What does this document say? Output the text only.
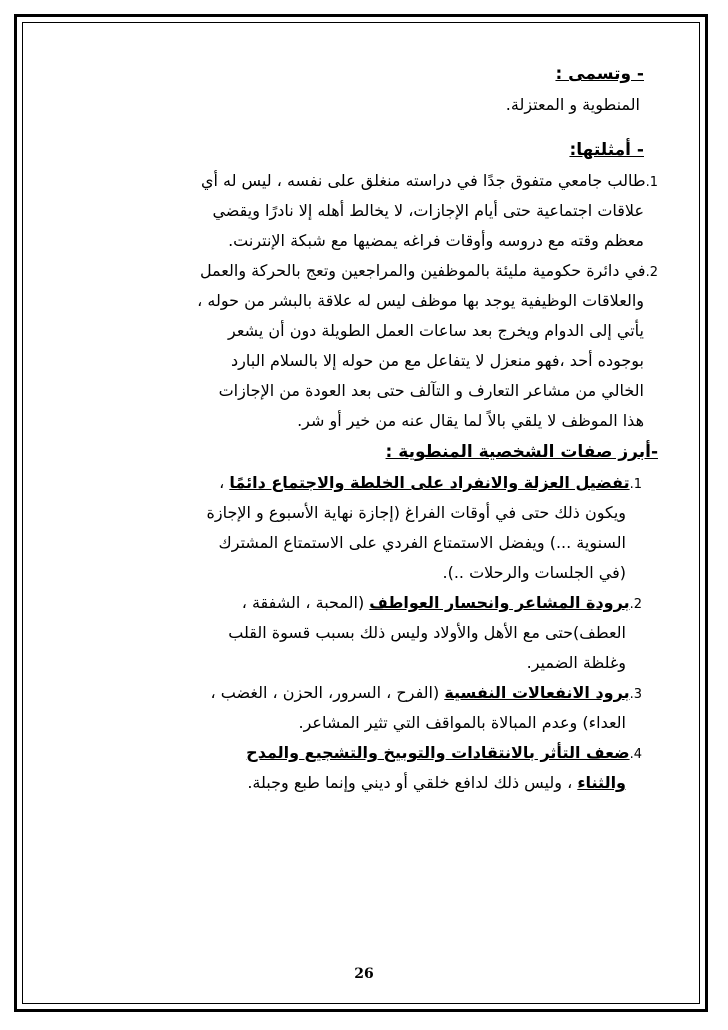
- وتسمى :
المنطوية و المعتزلة.
- أمثلتها:
1.طالب جامعي متفوق جدًا في دراسته منغلق على نفسه ، ليس له أي
علاقات اجتماعية حتى أيام الإجازات، لا يخالط أهله إلا نادرًا ويقضي
معظم وقته مع دروسه وأوقات فراغه يمضيها مع شبكة الإنترنت.
2.في دائرة حكومية مليئة بالموظفين والمراجعين وتعج بالحركة والعمل
والعلاقات الوظيفية يوجد بها موظف ليس له علاقة بالبشر من حوله ،
يأتي إلى الدوام ويخرج بعد ساعات العمل الطويلة دون أن يشعر
بوجوده أحد ،فهو منعزل لا يتفاعل مع من حوله إلا بالسلام البارد
الخالي من مشاعر التعارف و التآلف حتى بعد العودة من الإجازات
هذا الموظف لا يلقي بالاً لما يقال عنه من خير أو شر.
-أبرز صفات الشخصية المنطوية :
1.تفضيل العزلة والانفراد على الخلطة والاجتماع دائمًا ،
ويكون ذلك حتى في أوقات الفراغ (إجازة نهاية الأسبوع و الإجازة
السنوية ...) ويفضل الاستمتاع الفردي على الاستمتاع المشترك
(في الجلسات والرحلات ..).
2.برودة المشاعر وانحسار العواطف (المحبة ، الشفقة ،
العطف)حتى مع الأهل والأولاد وليس ذلك بسبب قسوة القلب
وغلظة الضمير.
3.برود الانفعالات النفسية (الفرح ، السرور، الحزن ، الغضب ،
العداء) وعدم المبالاة بالمواقف التي تثير المشاعر.
4.ضعف التأثر بالانتقادات والتوبيخ والتشجيع والمدح
والثناء ، وليس ذلك لدافع خلقي أو ديني وإنما طبع وجبلة.
26
